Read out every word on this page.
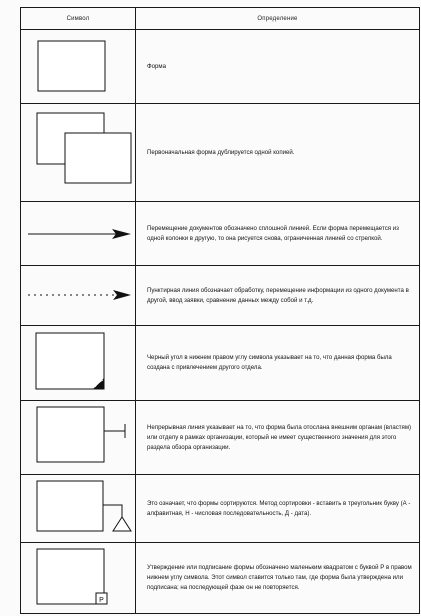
Символ	Определение

	Форма

	Первоначальная форма дублируется одной копией.

	Перемещение документов обозначено сплошной линией. Если форма перемещается из одной колонки в другую, то она рисуется снова, ограниченная линией со стрелкой.

	Пунктирная линия обозначает обработку, перемещение информации из одного документа в другой, ввод заявки, сравнение данных между собой и т.д.

	Черный угол в нижнем правом углу символа указывает на то, что данная форма была создана с привлечением другого отдела.

	Непрерывная линия указывает на то, что форма была отослана внешним органам (властям) или отделу в рамках организации, который не имеет существенного значения для этого раздела обзора организации.

	Это означает, что формы сортируются. Метод сортировки - вставить в треугольник букву (А - алфавитная, Н - числовая последовательность, Д - дата).

P	Утверждение или подписание формы обозначено маленьким квадратом с буквой Р в правом нижнем углу символа. Этот символ ставится только там, где форма была утверждена или подписана; на последующей фазе он не повторяется.
